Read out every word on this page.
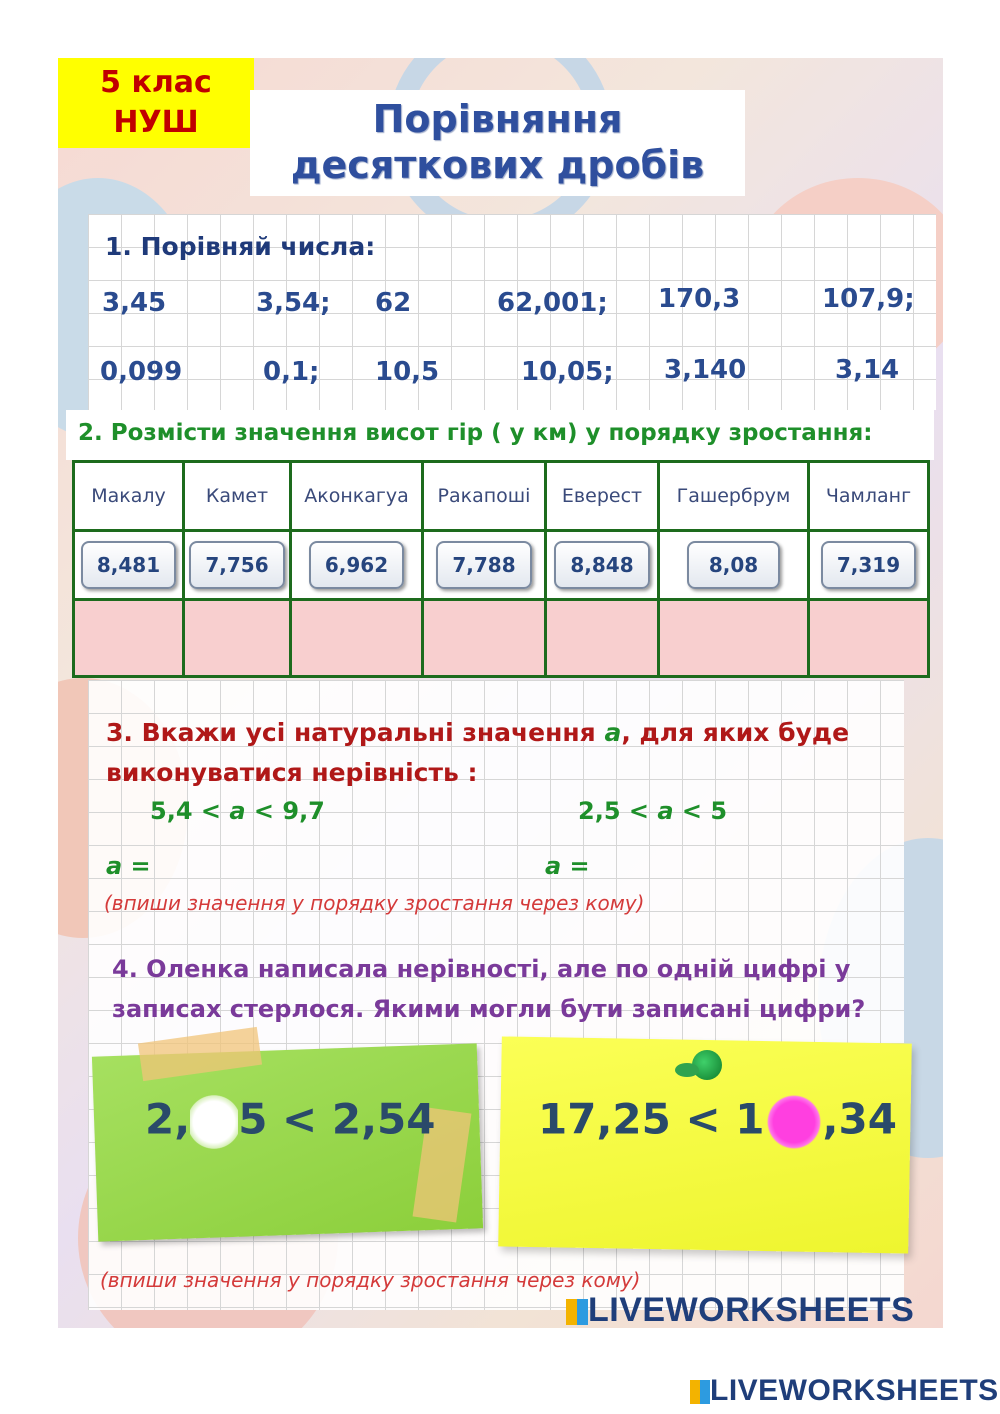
5 клас
НУШ	Порівняння
десяткових дробів
1. Порівняй числа:
3,45	3,54; 62	62,001; 170,3	107,9;
0,099	0,1; 10,5	10,05; 3,140	3,14
2. Розмісти значення висот гір ( у км) у порядку зростання:
Макалу	Камет	Аконкагуа	Ракапоші	Еверест	Гашербрум	Чамланг
8,481	7,756	6,962	7,788	8,848	8,08	7,319

3. Вкажи усі натуральні значення a, для яких буде
виконуватися нерівність :
5,4 < a < 9,7	2,5 < a < 5
a =	a =
(впиши значення у порядку зростання через кому)
4. Оленка написала нерівності, але по одній цифрі у
записах стерлося. Якими могли бути записані цифри?
2, 5 < 2,54 17,25 < 1 ,34
(впиши значення у порядку зростання через кому)
LIVEWORKSHEETS
LIVEWORKSHEETS
